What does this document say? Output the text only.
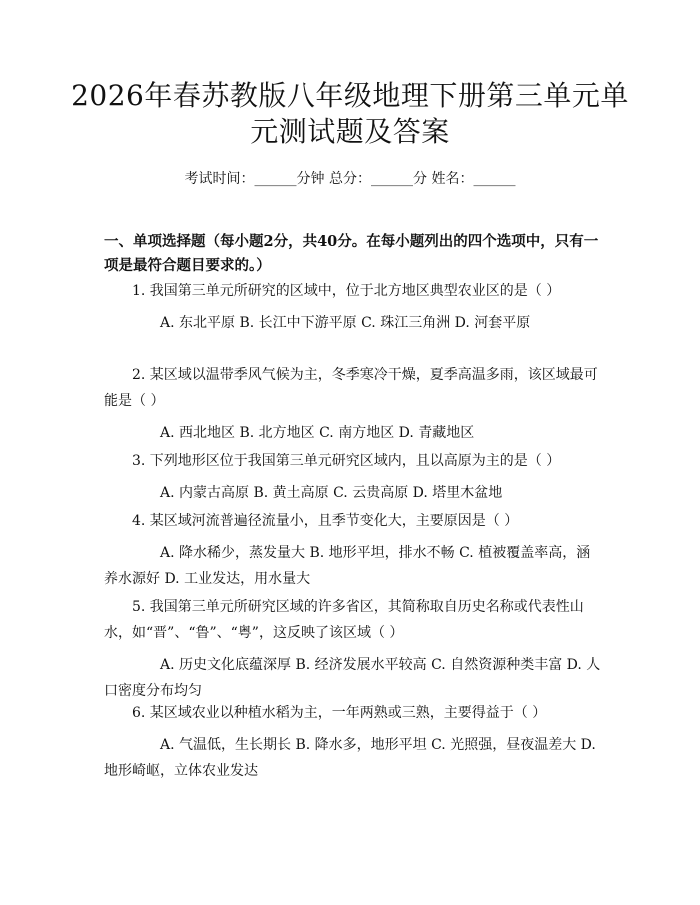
2026年春苏教版八年级地理下册第三单元单元测试题及答案
考试时间：______分钟 总分：______分 姓名：______
一、单项选择题（每小题2分，共40分。在每小题列出的四个选项中，只有一项是最符合题目要求的。）

1. 我国第三单元所研究的区域中，位于北方地区典型农业区的是（ ）

A. 东北平原 B. 长江中下游平原 C. 珠江三角洲 D. 河套平原

2. 某区域以温带季风气候为主，冬季寒冷干燥，夏季高温多雨，该区域最可能是（ ）

A. 西北地区 B. 北方地区 C. 南方地区 D. 青藏地区

3. 下列地形区位于我国第三单元研究区域内，且以高原为主的是（ ）

A. 内蒙古高原 B. 黄土高原 C. 云贵高原 D. 塔里木盆地

4. 某区域河流普遍径流量小，且季节变化大，主要原因是（ ）

A. 降水稀少，蒸发量大 B. 地形平坦，排水不畅 C. 植被覆盖率高，涵养水源好 D. 工业发达，用水量大

5. 我国第三单元所研究区域的许多省区，其简称取自历史名称或代表性山水，如“晋”、“鲁”、“粤”，这反映了该区域（ ）

A. 历史文化底蕴深厚 B. 经济发展水平较高 C. 自然资源种类丰富 D. 人口密度分布均匀

6. 某区域农业以种植水稻为主，一年两熟或三熟，主要得益于（ ）

A. 气温低，生长期长 B. 降水多，地形平坦 C. 光照强，昼夜温差大 D. 地形崎岖，立体农业发达
